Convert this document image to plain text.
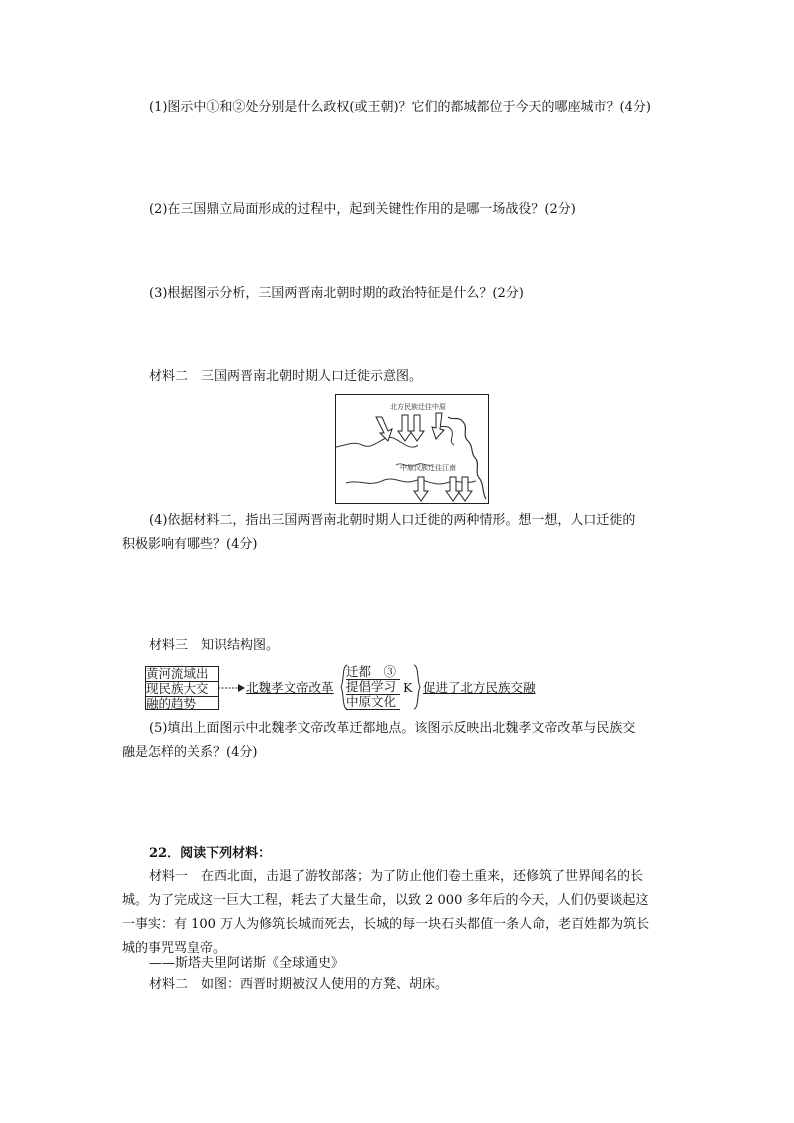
(1)图示中①和②处分别是什么政权(或王朝)？它们的都城都位于今天的哪座城市？(4分)
(2)在三国鼎立局面形成的过程中，起到关键性作用的是哪一场战役？(2分)
(3)根据图示分析，三国两晋南北朝时期的政治特征是什么？(2分)
材料二　三国两晋南北朝时期人口迁徙示意图。
北方民族迁往中原
中原汉族迁往江南
(4)依据材料二，指出三国两晋南北朝时期人口迁徙的两种情形。想一想，人口迁徙的
积极影响有哪些？(4分)
材料三　知识结构图。
黄河流域出
现民族大交
融的趋势
北魏孝文帝改革
迁都　③
提倡学习
中原文化
K 促进了北方民族交融
(5)填出上面图示中北魏孝文帝改革迁都地点。该图示反映出北魏孝文帝改革与民族交
融是怎样的关系？(4分)
22．阅读下列材料：
材料一　在西北面，击退了游牧部落；为了防止他们卷土重来，还修筑了世界闻名的长
城。为了完成这一巨大工程，耗去了大量生命，以致 2 000 多年后的今天，人们仍要谈起这
一事实：有 100 万人为修筑长城而死去，长城的每一块石头都值一条人命，老百姓都为筑长
城的事咒骂皇帝。
——斯塔夫里阿诺斯《全球通史》
材料二　如图：西晋时期被汉人使用的方凳、胡床。
